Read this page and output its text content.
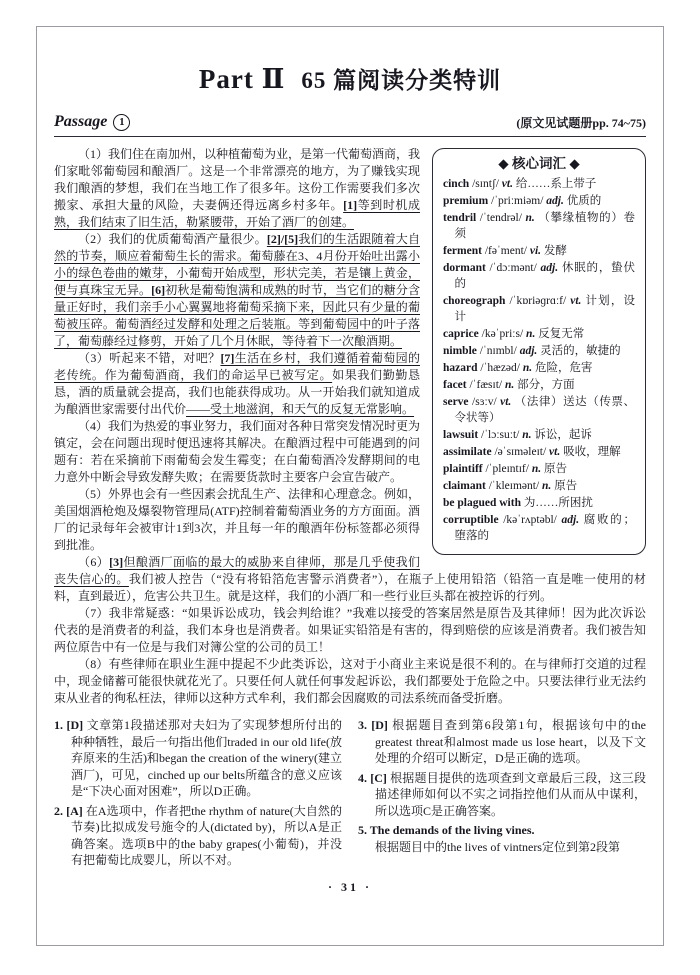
Part Ⅱ 65 篇阅读分类特训
Passage 1	(原文见试题册pp. 74~75)
◆ 核心词汇 ◆
cinch /sɪntʃ/ vt. 给……系上带子
premium /ˈpriːmiəm/ adj. 优质的
tendril /ˈtendrəl/ n. （攀缘植物的）卷须
ferment /fəˈment/ vi. 发酵
dormant /ˈdɔːmənt/ adj. 休眠的，蛰伏的
choreograph /ˈkɒriəɡrɑːf/ vt. 计划，设计
caprice /kəˈpriːs/ n. 反复无常
nimble /ˈnɪmbl/ adj. 灵活的，敏捷的
hazard /ˈhæzəd/ n. 危险，危害
facet /ˈfæsɪt/ n. 部分，方面
serve /sɜːv/ vt. （法律）送达（传票、令状等）
lawsuit /ˈlɔːsuːt/ n. 诉讼，起诉
assimilate /əˈsɪməleɪt/ vt. 吸收，理解
plaintiff /ˈpleɪntɪf/ n. 原告
claimant /ˈkleɪmənt/ n. 原告
be plagued with 为……所困扰
corruptible /kəˈrʌptəbl/ adj. 腐败的；堕落的

（1）我们住在南加州，以种植葡萄为业，是第一代葡萄酒商，我们家毗邻葡萄园和酿酒厂。这是一个非常漂亮的地方，为了赚钱实现我们酿酒的梦想，我们在当地工作了很多年。这份工作需要我们多次搬家、承担大量的风险，夫妻俩还得远离乡村多年。[1]等到时机成熟，我们结束了旧生活，勒紧腰带，开始了酒厂的创建。

（2）我们的优质葡萄酒产量很少。[2]/[5]我们的生活跟随着大自然的节奏，顺应着葡萄生长的需求。葡萄藤在3、4月份开始吐出露小小的绿色卷曲的嫩芽，小葡萄开始成型，形状完美，若是镶上黄金，便与真珠宝无异。[6]初秋是葡萄饱满和成熟的时节，当它们的糖分含量正好时，我们亲手小心翼翼地将葡萄采摘下来，因此只有少量的葡萄被压碎。葡萄酒经过发酵和处理之后装瓶。等到葡萄园中的叶子落了，葡萄藤经过修剪，开始了几个月休眠，等待着下一次酿酒期。

（3）听起来不错，对吧？[7]生活在乡村，我们遵循着葡萄园的老传统。作为葡萄酒商，我们的命运早已被写定。如果我们勤勤恳恳，酒的质量就会提高，我们也能获得成功。从一开始我们就知道成为酿酒世家需要付出代价——受土地滋润，和天气的反复无常影响。

（4）我们为热爱的事业努力，我们面对各种日常突发情况时更为镇定，会在问题出现时便迅速将其解决。在酿酒过程中可能遇到的问题有：若在采摘前下雨葡萄会发生霉变；在白葡萄酒冷发酵期间的电力意外中断会导致发酵失败；在需要货款时主要客户会宣告破产。

（5）外界也会有一些因素会扰乱生产、法律和心理意念。例如，美国烟酒枪炮及爆裂物管理局(ATF)控制着葡萄酒业务的方方面面。酒厂的记录每年会被审计1到3次，并且每一年的酿酒年份标签都必须得到批准。

（6）[3]但酿酒厂面临的最大的威胁来自律师，那是几乎使我们丧失信心的。我们被人控告（“没有将铅箔危害警示消费者”），在瓶子上使用铅箔（铅箔一直是唯一使用的材料，直到最近），危害公共卫生。就是这样，我们的小酒厂和一些行业巨头都在被控诉的行列。

（7）我非常疑惑：“如果诉讼成功，钱会判给谁？”我难以接受的答案居然是原告及其律师！因为此次诉讼代表的是消费者的利益，我们本身也是消费者。如果证实铅箔是有害的，得到赔偿的应该是消费者。我们被告知两位原告中有一位是与我们对簿公堂的公司的员工！

（8）有些律师在职业生涯中提起不少此类诉讼，这对于小商业主来说是很不利的。在与律师打交道的过程中，现金储蓄可能很快就花光了。只要任何人就任何事发起诉讼，我们都要处于危险之中。只要法律行业无法约束从业者的徇私枉法，律师以这种方式牟利，我们都会因腐败的司法系统而备受折磨。

1. [D] 文章第1段描述那对夫妇为了实现梦想所付出的种种牺牲，最后一句指出他们traded in our old life(放弃原来的生活)和began the creation of the winery(建立酒厂)，可见，cinched up our belts所蕴含的意义应该是“下决心面对困难”，所以D正确。
2. [A] 在A选项中，作者把the rhythm of nature(大自然的节奏)比拟成发号施令的人(dictated by)，所以A是正确答案。选项B中的the baby grapes(小葡萄)，并没有把葡萄比成婴儿，所以不对。
3. [D] 根据题目查到第6段第1句，根据该句中的the greatest threat和almost made us lose heart，以及下文处理的介绍可以断定，D是正确的选项。
4. [C] 根据题目提供的选项查到文章最后三段，这三段描述律师如何以不实之词指控他们从而从中谋利，所以选项C是正确答案。
5. The demands of the living vines.
根据题目中的the lives of vintners定位到第2段第
· 31 ·
